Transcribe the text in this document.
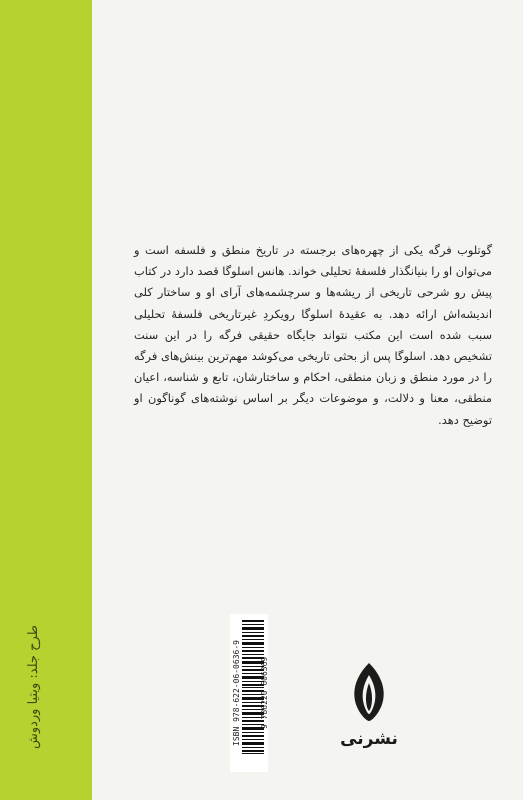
طرح جلد: ویتیا وردوش
گوتلوب فرگه یکی از چهره‌های برجسته در تاریخ منطق و فلسفه است و می‌توان او را بنیانگذار فلسفهٔ تحلیلی خواند. هانس اسلوگا قصد دارد در کتاب پیش رو شرحی تاریخی از ریشه‌ها و سرچشمه‌های آرای او و ساختار کلی اندیشه‌اش ارائه دهد. به عقیدهٔ اسلوگا رویکردِ غیرتاریخی فلسفهٔ تحلیلی سبب شده است این مکتب نتواند جایگاه حقیقی فرگه را در این سنت تشخیص دهد. اسلوگا پس از بحثی تاریخی می‌کوشد مهم‌ترین بینش‌های فرگه را در مورد منطق و زبان منطقی، احکام و ساختارشان، تابع و شناسه، اعیان منطقی، معنا و دلالت، و موضوعات دیگر بر اساس نوشته‌های گوناگون او توضیح دهد.
ISBN 978-622-06-0636-9 9 786220 606369
نشرنی
